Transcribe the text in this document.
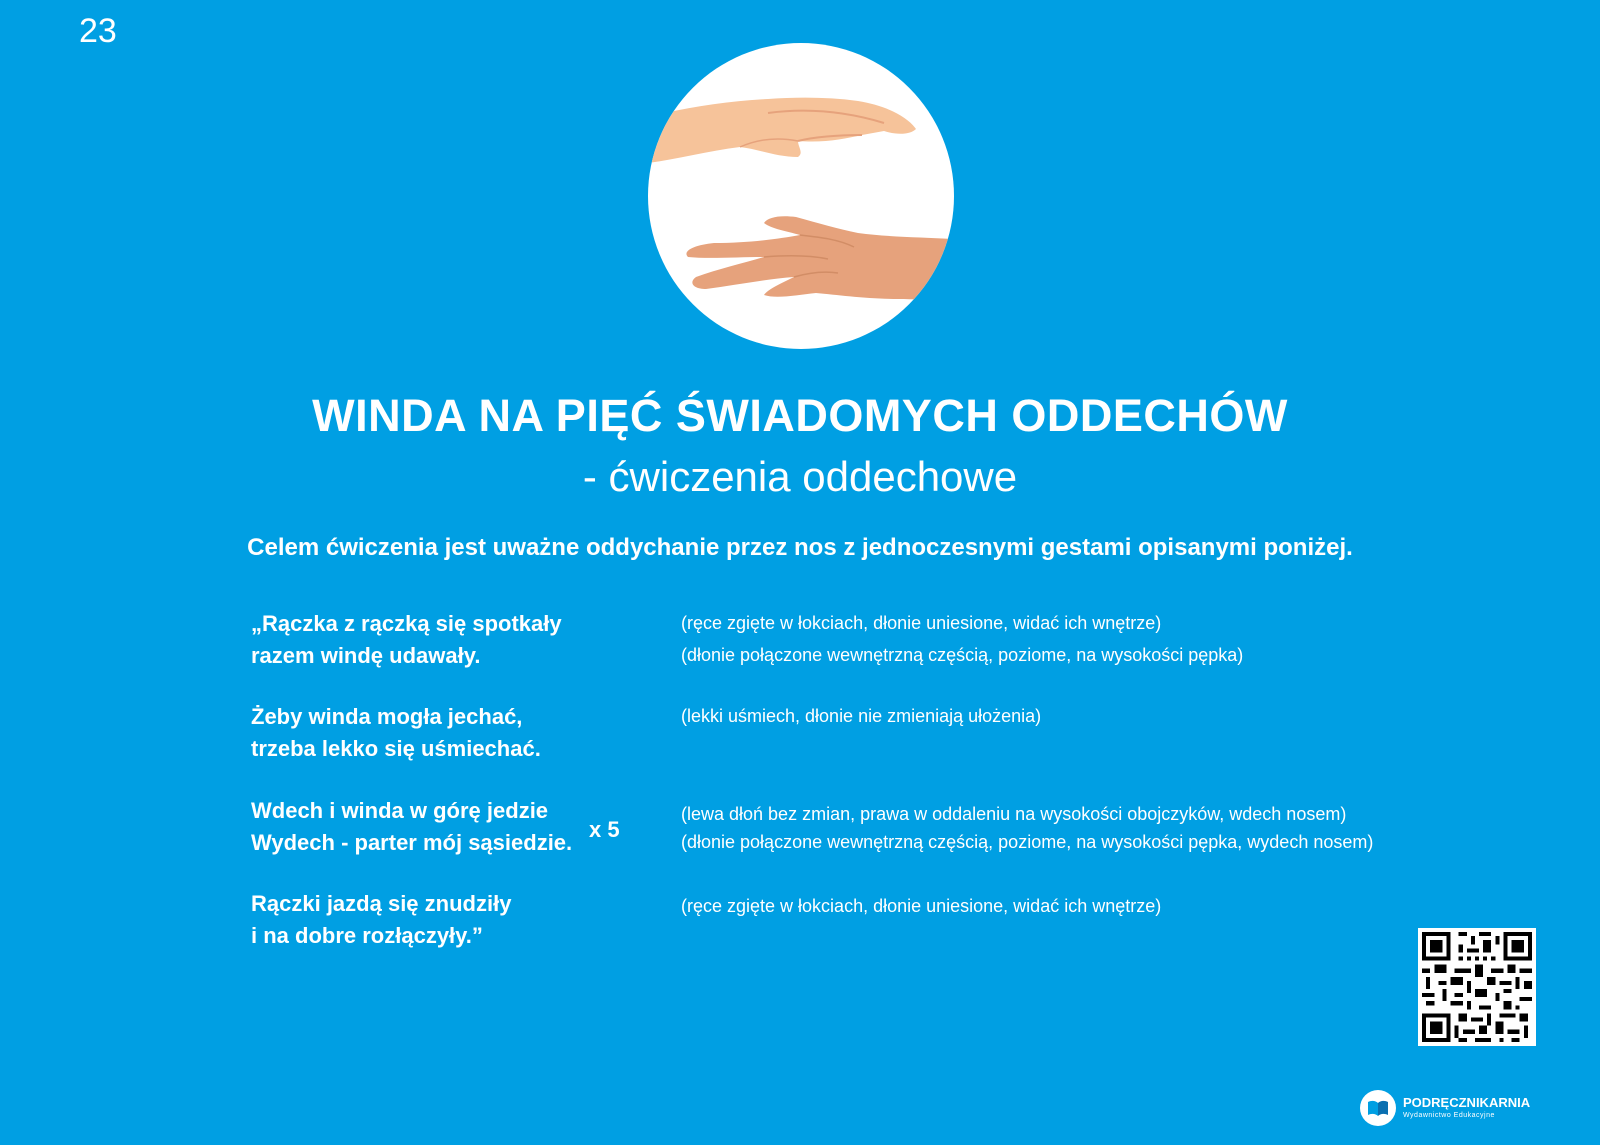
23
WINDA NA PIĘĆ ŚWIADOMYCH ODDECHÓW
- ćwiczenia oddechowe
Celem ćwiczenia jest uważne oddychanie przez nos z jednoczesnymi gestami opisanymi poniżej.
„Rączka z rączką się spotkały
razem windę udawały.
(ręce zgięte w łokciach, dłonie uniesione, widać ich wnętrze)
(dłonie połączone wewnętrzną częścią, poziome, na wysokości pępka)
Żeby winda mogła jechać,
trzeba lekko się uśmiechać.
(lekki uśmiech, dłonie nie zmieniają ułożenia)
Wdech i winda w górę jedzie
Wydech - parter mój sąsiedzie.
x 5
(lewa dłoń bez zmian, prawa w oddaleniu na wysokości obojczyków, wdech nosem)
(dłonie połączone wewnętrzną częścią, poziome, na wysokości pępka, wydech nosem)
Rączki jazdą się znudziły
i na dobre rozłączyły.”
(ręce zgięte w łokciach, dłonie uniesione, widać ich wnętrze)
PODRĘCZNIKARNIA
Wydawnictwo Edukacyjne
